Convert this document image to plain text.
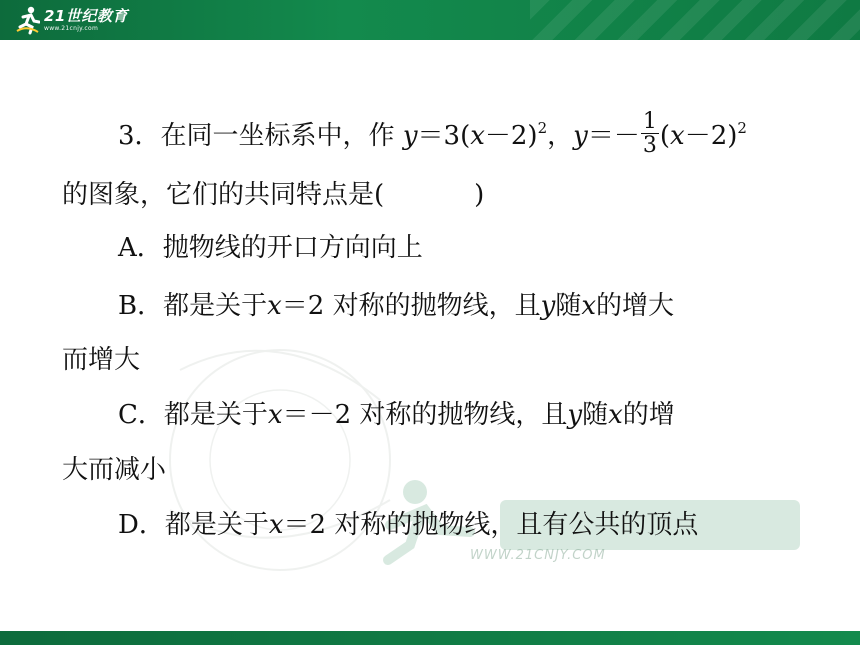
21世纪教育
www.21cnjy.com
WWW.21CNJY.COM
3．在同一坐标系中，作 $y=3(x-2)^2$，$y=- \frac{1}{3} (x-2)^2$
的图象，它们的共同特点是(	)
A．抛物线的开口方向向上
B．都是关于x＝2 对称的抛物线，且y随x的增大
而增大
C．都是关于x＝－2 对称的抛物线，且y随x的增
大而减小
D．都是关于x＝2 对称的抛物线，且有公共的顶点
